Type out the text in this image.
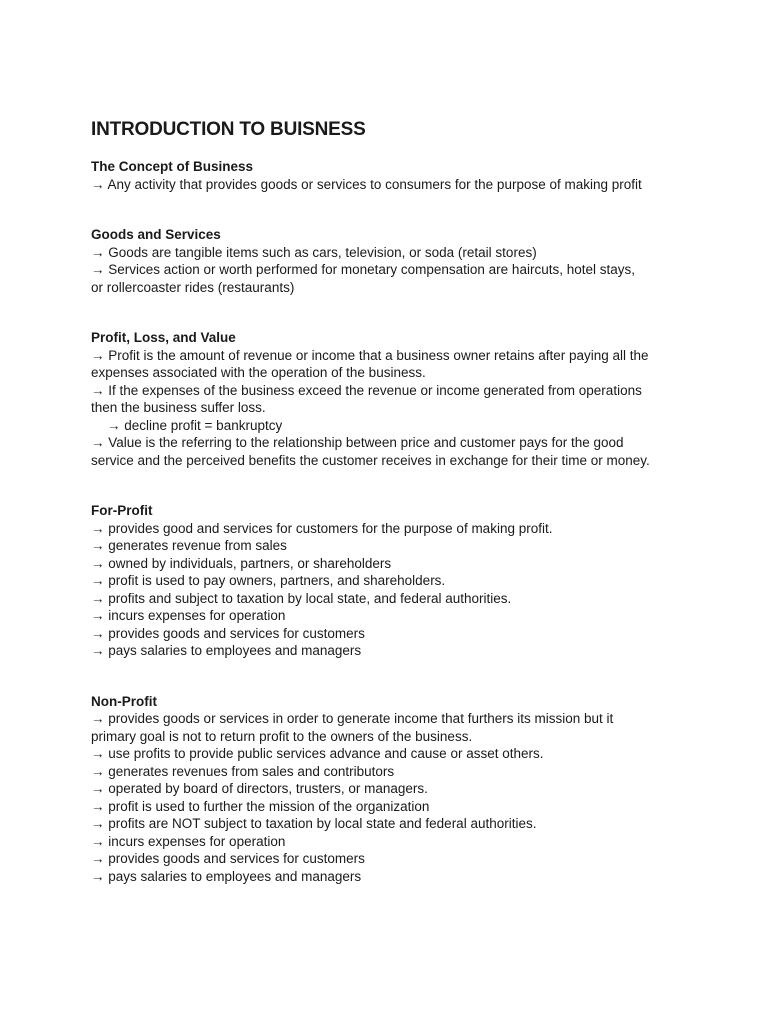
INTRODUCTION TO BUISNESS
The Concept of Business
→ Any activity that provides goods or services to consumers for the purpose of making profit
Goods and Services
→ Goods are tangible items such as cars, television, or soda (retail stores)
→ Services action or worth performed for monetary compensation are haircuts, hotel stays,
or rollercoaster rides (restaurants)
Profit, Loss, and Value
→ Profit is the amount of revenue or income that a business owner retains after paying all the
expenses associated with the operation of the business.
→ If the expenses of the business exceed the revenue or income generated from operations
then the business suffer loss.
→ decline profit = bankruptcy
→ Value is the referring to the relationship between price and customer pays for the good
service and the perceived benefits the customer receives in exchange for their time or money.
For-Profit
→ provides good and services for customers for the purpose of making profit.
→ generates revenue from sales
→ owned by individuals, partners, or shareholders
→ profit is used to pay owners, partners, and shareholders.
→ profits and subject to taxation by local state, and federal authorities.
→ incurs expenses for operation
→ provides goods and services for customers
→ pays salaries to employees and managers
Non-Profit
→ provides goods or services in order to generate income that furthers its mission but it
primary goal is not to return profit to the owners of the business.
→ use profits to provide public services advance and cause or asset others.
→ generates revenues from sales and contributors
→ operated by board of directors, trusters, or managers.
→ profit is used to further the mission of the organization
→ profits are NOT subject to taxation by local state and federal authorities.
→ incurs expenses for operation
→ provides goods and services for customers
→ pays salaries to employees and managers
